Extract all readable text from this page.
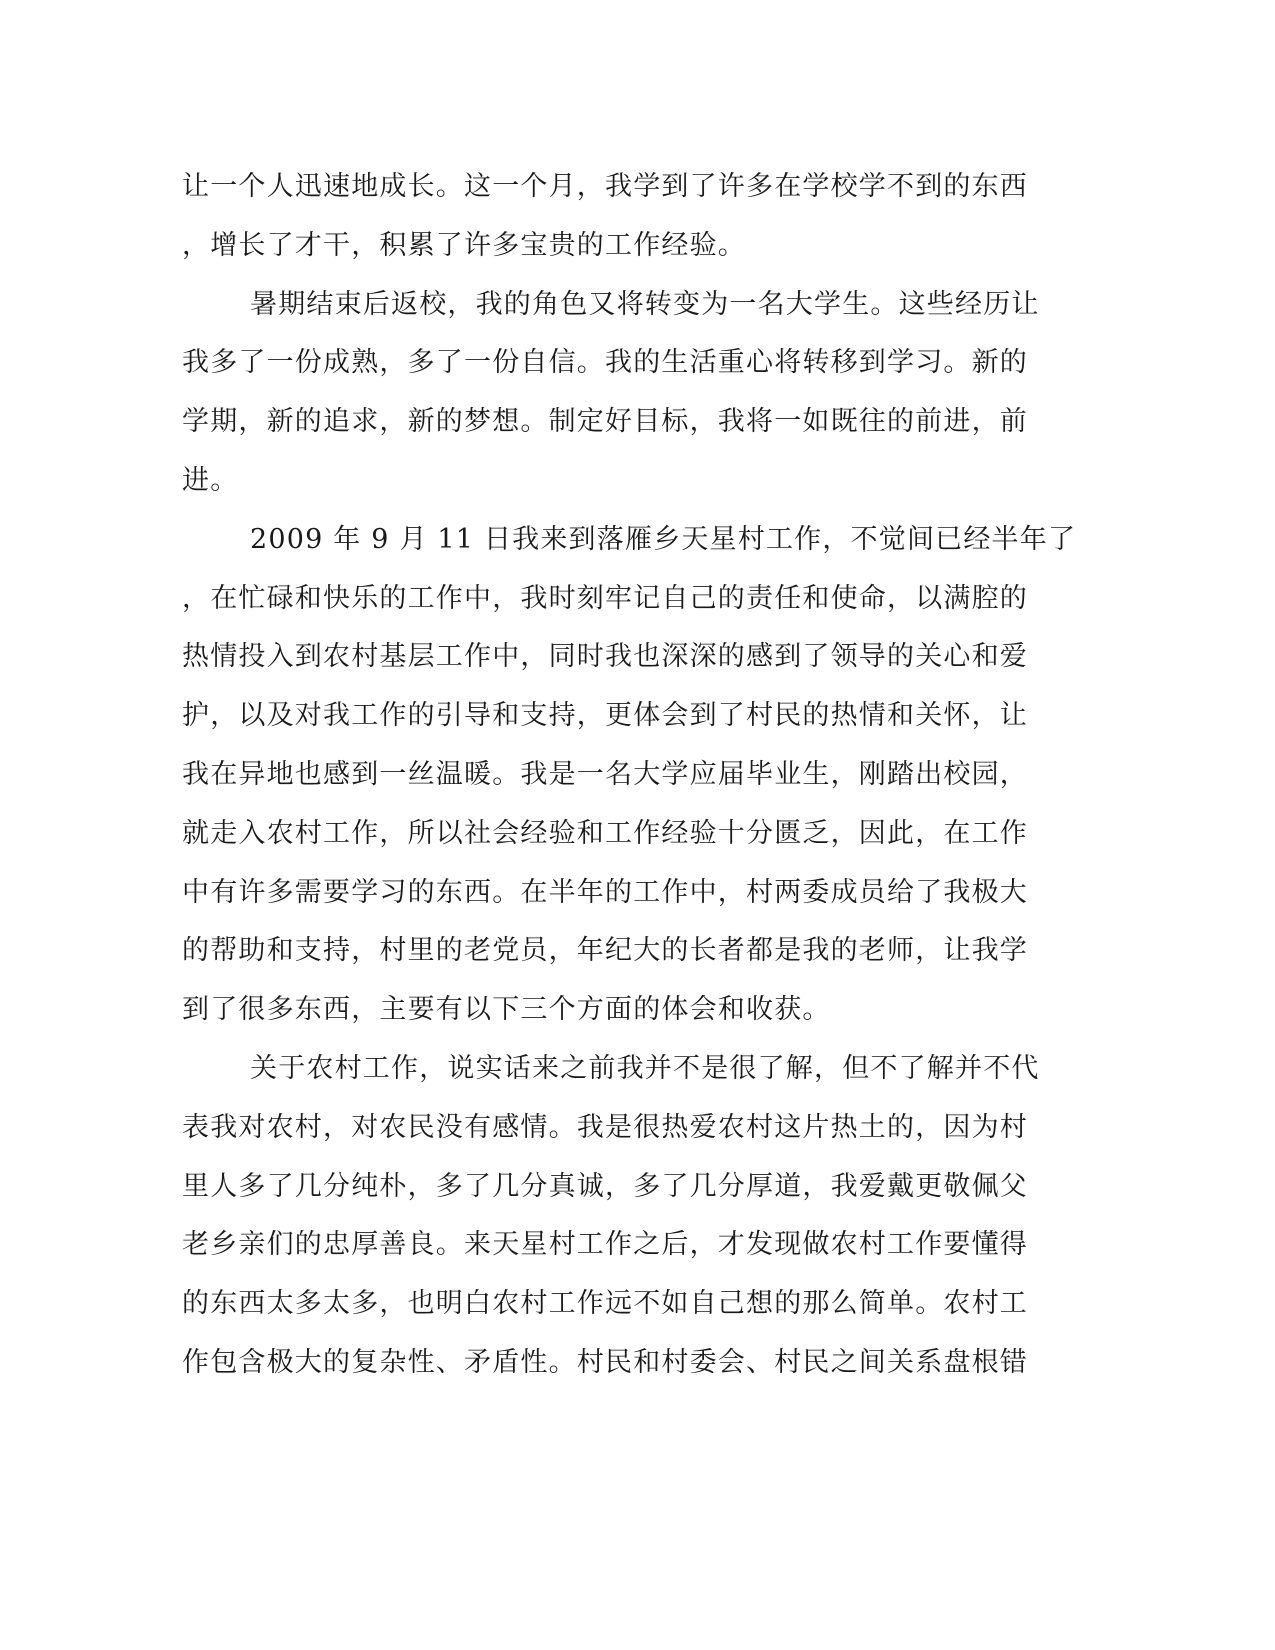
让一个人迅速地成长。这一个月，我学到了许多在学校学不到的东西
，增长了才干，积累了许多宝贵的工作经验。
暑期结束后返校，我的角色又将转变为一名大学生。这些经历让
我多了一份成熟，多了一份自信。我的生活重心将转移到学习。新的
学期，新的追求，新的梦想。制定好目标，我将一如既往的前进，前
进。
2009 年 9 月 11 日我来到落雁乡天星村工作，不觉间已经半年了
，在忙碌和快乐的工作中，我时刻牢记自己的责任和使命，以满腔的
热情投入到农村基层工作中，同时我也深深的感到了领导的关心和爱
护，以及对我工作的引导和支持，更体会到了村民的热情和关怀，让
我在异地也感到一丝温暖。我是一名大学应届毕业生，刚踏出校园，
就走入农村工作，所以社会经验和工作经验十分匮乏，因此，在工作
中有许多需要学习的东西。在半年的工作中，村两委成员给了我极大
的帮助和支持，村里的老党员，年纪大的长者都是我的老师，让我学
到了很多东西，主要有以下三个方面的体会和收获。
关于农村工作，说实话来之前我并不是很了解，但不了解并不代
表我对农村，对农民没有感情。我是很热爱农村这片热土的，因为村
里人多了几分纯朴，多了几分真诚，多了几分厚道，我爱戴更敬佩父
老乡亲们的忠厚善良。来天星村工作之后，才发现做农村工作要懂得
的东西太多太多，也明白农村工作远不如自己想的那么简单。农村工
作包含极大的复杂性、矛盾性。村民和村委会、村民之间关系盘根错
